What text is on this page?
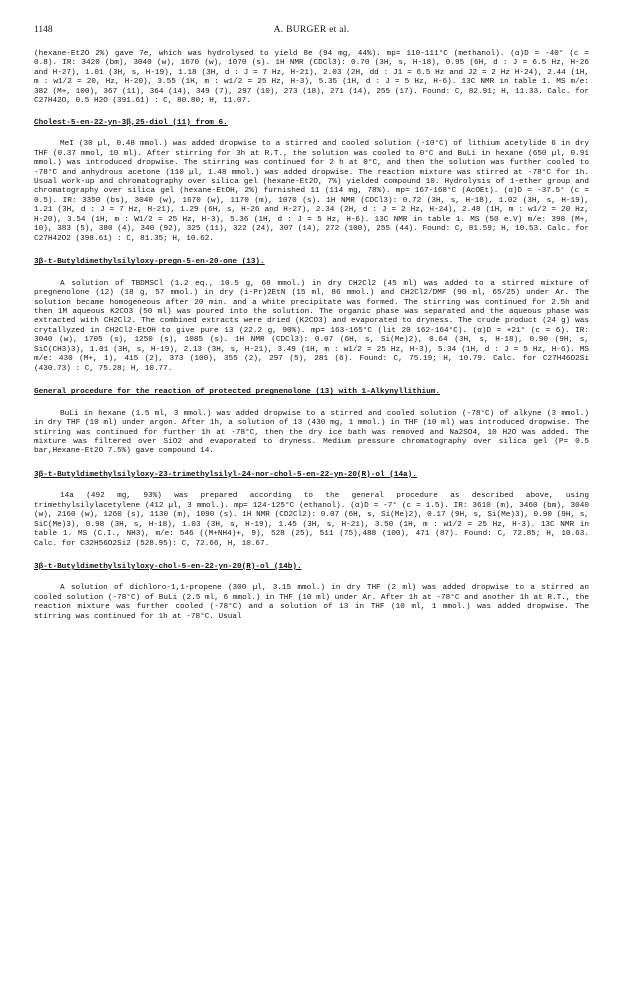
1148	A. BURGER et al.
(hexane-Et2O 2%) gave 7e, which was hydrolysed to yield 8e (94 mg, 44%). mp= 110-111°C (methanol). (α)D = -40° (c = 0.8). IR: 3420 (bm), 3040 (w), 1670 (w), 1070 (s). 1H NMR (CDCl3): 0.70 (3H, s, H-18), 0.95 (6H, d : J = 6.5 Hz, H-26 and H-27), 1.01 (3H, s, H-19), 1.18 (3H, d : J = 7 Hz, H-21), 2.03 (2H, dd : J1 = 6.5 Hz and J2 = 2 Hz H-24), 2.44 (1H, m : w1/2 = 20, Hz, H-20), 3.55 (1H, m : w1/2 = 25 Hz, H-3), 5.35 (1H, d : J = 5 Hz, H-6). 13C NMR in table 1. MS m/e: 382 (M+, 100), 367 (11), 364 (14), 349 (7), 297 (10), 273 (18), 271 (14), 255 (17). Found: C, 82.91; H, 11.33. Calc. for C27H42O, 0.5 H2O (391.61) : C, 80.80; H, 11.07.
Cholest-5-en-22-yn-3β,25-diol (11) from 6.
MeI (30 µl, 0.48 mmol.) was added dropwise to a stirred and cooled solution (-10°C) of lithium acetylide 6 in dry THF (0.37 mmol, 10 ml). After stirring for 3h at R.T., the solution was cooled to 0°C and BuLi in hexane (650 µl, 0.91 mmol.) was introduced dropwise. The stirring was continued for 2 h at 0°C, and then the solution was further cooled to -78°C and anhydrous acetone (110 µl, 1.48 mmol.) was added dropwise. The reaction mixture was stirred at -78°C for 1h. Usual work-up and chromatography over silica gel (hexane-Et2O, 7%) yielded compound 10. Hydrolysis of 1-ether group and chromatography over silica gel (hexane-EtOH, 2%) furnished 11 (114 mg, 78%). mp= 167-168°C (AcOEt). (α)D = -37.5° (c = 0.5). IR: 3350 (bs), 3040 (w), 1670 (w), 1170 (m), 1070 (s). 1H NMR (CDCl3): 0.72 (3H, s, H-18), 1.02 (3H, s, H-19), 1.21 (3H, d : J = 7 Hz, H-21), 1.29 (6H, s, H-26 and H-27), 2.34 (2H, d : J = 2 Hz, H-24), 2.48 (1H, m : w1/2 = 20 Hz, H-20), 3.54 (1H, m : W1/2 = 25 Hz, H-3), 5.36 (1H, d : J = 5 Hz, H-6). 13C NMR in table 1. MS (50 e.V) m/e: 398 (M+, 10), 383 (5), 380 (4), 340 (92), 325 (11), 322 (24), 307 (14), 272 (100), 255 (44). Found: C, 81.59; H, 10.53. Calc. for C27H42O2 (398.61) : C, 81.35; H, 10.62.
3β-t-Butyldimethylsilyloxy-pregn-5-en-20-one (13).
A solution of TBDMSCl (1.2 eq., 10.5 g, 68 mmol.) in dry CH2Cl2 (45 ml) was added to a stirred mixture of pregnenolone (12) (18 g, 57 mmol.) in dry (i-Pr)2EtN (15 ml, 86 mmol.) and CH2Cl2/DMF (90 ml, 65/25) under Ar. The solution became homogeneous after 20 min. and a white precipitate was formed. The stirring was continued for 2.5h and then 1M aqueous K2CO3 (50 ml) was poured into the solution. The organic phase was separated and the aqueous phase was extracted with CH2Cl2. The combined extracts were dried (K2CO3) and evaporated to dryness. The crude product (24 g) was crytallyzed in CH2Cl2-EtOH to give pure 13 (22.2 g, 90%). mp= 163-165°C (lit 20 162-164°C). (α)D = +21° (c = 6). IR: 3040 (w), 1705 (s), 1250 (s), 1085 (s). 1H NMR (CDCl3): 0.07 (6H, s, Si(Me)2), 0.64 (3H, s, H-18), 0.90 (9H, s, SiC(CH3)3), 1.01 (3H, s, H-19), 2.13 (3H, s, H-21), 3.49 (1H, m : w1/2 = 25 Hz, H-3), 5.34 (1H, d : J = 5 Hz, H-6). MS m/e: 430 (M+, 1), 415 (2), 373 (100), 355 (2), 297 (5), 281 (6). Found: C, 75.19; H, 10.79. Calc. for C27H46O2Si (430.73) : C, 75.28; H, 10.77.
General procedure for the reaction of protected pregnenolone (13) with 1-Alkynyllithium.
BuLi in hexane (1.5 ml, 3 mmol.) was added dropwise to a stirred and cooled solution (-78°C) of alkyne (3 mmol.) in dry THF (10 ml) under argon. After 1h, a solution of 13 (430 mg, 1 mmol.) in THF (10 ml) was introduced dropwise. The stirring was continued for further 1h at -78°C, then the dry ice bath was removed and Na2SO4, 10 H2O was added. The mixture was filtered over SiO2 and evaporated to dryness. Medium pressure chromatography over silica gel (P= 0.5 bar,Hexane-Et2O 7.5%) gave compound 14.
3β-t-Butyldimethylsilyloxy-23-trimethylsilyl-24-nor-chol-5-en-22-yn-20(R)-ol (14a).
14a (492 mg, 93%) was prepared according to the general procedure as described above, using trimethylsilylacetylene (412 µl, 3 mmol.). mp= 124-125°C (ethanol). (α)D = -7° (c = 1.5). IR: 3610 (m), 3460 (bm), 3040 (w), 2160 (w), 1260 (s), 1130 (m), 1090 (s). 1H NMR (CD2Cl2): 0.07 (6H, s, Si(Me)2), 0.17 (9H, s, Si(Me)3), 0.90 (9H, s, SiC(Me)3), 0.98 (3H, s, H-18), 1.03 (3H, s, H-19), 1.45 (3H, s, H-21), 3.50 (1H, m : w1/2 = 25 Hz, H-3). 13C NMR in table 1. MS (C.I., NH3), m/e: 546 ((M+NH4)+, 9), 528 (25), 511 (75),488 (100), 471 (87). Found: C, 72.85; H, 10.63. Calc. for C32H56O2Si2 (528.95): C, 72.66, H, 10.67.
3β-t-Butyldimethylsilyloxy-chol-5-en-22-yn-20(R)-ol (14b).
A solution of dichloro-1,1-propene (300 µl, 3.15 mmol.) in dry THF (2 ml) was added dropwise to a stirred an cooled solution (-78°C) of BuLi (2.5 ml, 6 mmol.) in THF (10 ml) under Ar. After 1h at -78°C and another 1h at R.T., the reaction mixture was further cooled (-78°C) and a solution of 13 in THF (10 ml, 1 mmol.) was added dropwise. The stirring was continued for 1h at -78°C. Usual
